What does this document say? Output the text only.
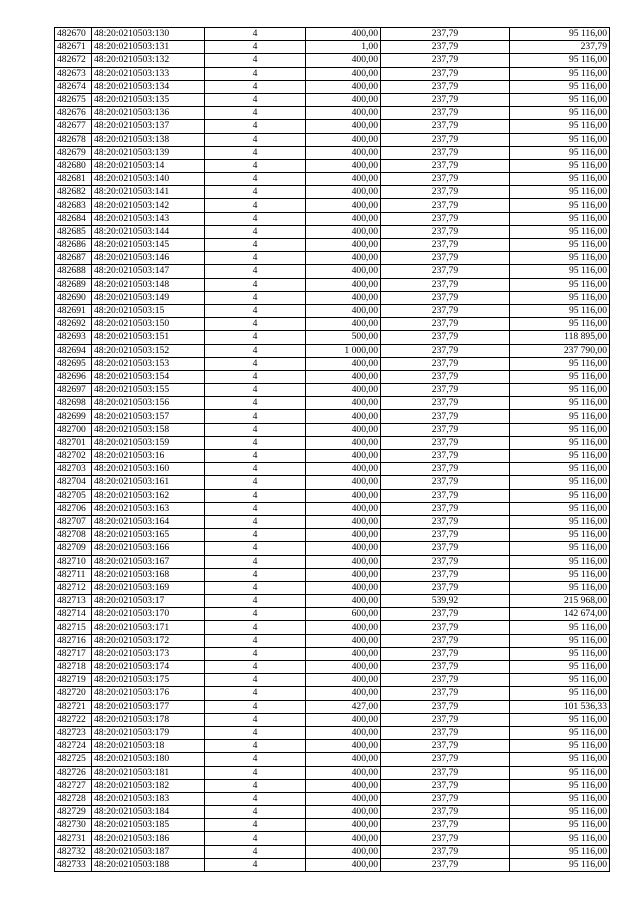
482670	48:20:0210503:130	4	400,00	237,79	95 116,00
482671	48:20:0210503:131	4	1,00	237,79	237,79
482672	48:20:0210503:132	4	400,00	237,79	95 116,00
482673	48:20:0210503:133	4	400,00	237,79	95 116,00
482674	48:20:0210503:134	4	400,00	237,79	95 116,00
482675	48:20:0210503:135	4	400,00	237,79	95 116,00
482676	48:20:0210503:136	4	400,00	237,79	95 116,00
482677	48:20:0210503:137	4	400,00	237,79	95 116,00
482678	48:20:0210503:138	4	400,00	237,79	95 116,00
482679	48:20:0210503:139	4	400,00	237,79	95 116,00
482680	48:20:0210503:14	4	400,00	237,79	95 116,00
482681	48:20:0210503:140	4	400,00	237,79	95 116,00
482682	48:20:0210503:141	4	400,00	237,79	95 116,00
482683	48:20:0210503:142	4	400,00	237,79	95 116,00
482684	48:20:0210503:143	4	400,00	237,79	95 116,00
482685	48:20:0210503:144	4	400,00	237,79	95 116,00
482686	48:20:0210503:145	4	400,00	237,79	95 116,00
482687	48:20:0210503:146	4	400,00	237,79	95 116,00
482688	48:20:0210503:147	4	400,00	237,79	95 116,00
482689	48:20:0210503:148	4	400,00	237,79	95 116,00
482690	48:20:0210503:149	4	400,00	237,79	95 116,00
482691	48:20:0210503:15	4	400,00	237,79	95 116,00
482692	48:20:0210503:150	4	400,00	237,79	95 116,00
482693	48:20:0210503:151	4	500,00	237,79	118 895,00
482694	48:20:0210503:152	4	1 000,00	237,79	237 790,00
482695	48:20:0210503:153	4	400,00	237,79	95 116,00
482696	48:20:0210503:154	4	400,00	237,79	95 116,00
482697	48:20:0210503:155	4	400,00	237,79	95 116,00
482698	48:20:0210503:156	4	400,00	237,79	95 116,00
482699	48:20:0210503:157	4	400,00	237,79	95 116,00
482700	48:20:0210503:158	4	400,00	237,79	95 116,00
482701	48:20:0210503:159	4	400,00	237,79	95 116,00
482702	48:20:0210503:16	4	400,00	237,79	95 116,00
482703	48:20:0210503:160	4	400,00	237,79	95 116,00
482704	48:20:0210503:161	4	400,00	237,79	95 116,00
482705	48:20:0210503:162	4	400,00	237,79	95 116,00
482706	48:20:0210503:163	4	400,00	237,79	95 116,00
482707	48:20:0210503:164	4	400,00	237,79	95 116,00
482708	48:20:0210503:165	4	400,00	237,79	95 116,00
482709	48:20:0210503:166	4	400,00	237,79	95 116,00
482710	48:20:0210503:167	4	400,00	237,79	95 116,00
482711	48:20:0210503:168	4	400,00	237,79	95 116,00
482712	48:20:0210503:169	4	400,00	237,79	95 116,00
482713	48:20:0210503:17	4	400,00	539,92	215 968,00
482714	48:20:0210503:170	4	600,00	237,79	142 674,00
482715	48:20:0210503:171	4	400,00	237,79	95 116,00
482716	48:20:0210503:172	4	400,00	237,79	95 116,00
482717	48:20:0210503:173	4	400,00	237,79	95 116,00
482718	48:20:0210503:174	4	400,00	237,79	95 116,00
482719	48:20:0210503:175	4	400,00	237,79	95 116,00
482720	48:20:0210503:176	4	400,00	237,79	95 116,00
482721	48:20:0210503:177	4	427,00	237,79	101 536,33
482722	48:20:0210503:178	4	400,00	237,79	95 116,00
482723	48:20:0210503:179	4	400,00	237,79	95 116,00
482724	48:20:0210503:18	4	400,00	237,79	95 116,00
482725	48:20:0210503:180	4	400,00	237,79	95 116,00
482726	48:20:0210503:181	4	400,00	237,79	95 116,00
482727	48:20:0210503:182	4	400,00	237,79	95 116,00
482728	48:20:0210503:183	4	400,00	237,79	95 116,00
482729	48:20:0210503:184	4	400,00	237,79	95 116,00
482730	48:20:0210503:185	4	400,00	237,79	95 116,00
482731	48:20:0210503:186	4	400,00	237,79	95 116,00
482732	48:20:0210503:187	4	400,00	237,79	95 116,00
482733	48:20:0210503:188	4	400,00	237,79	95 116,00
